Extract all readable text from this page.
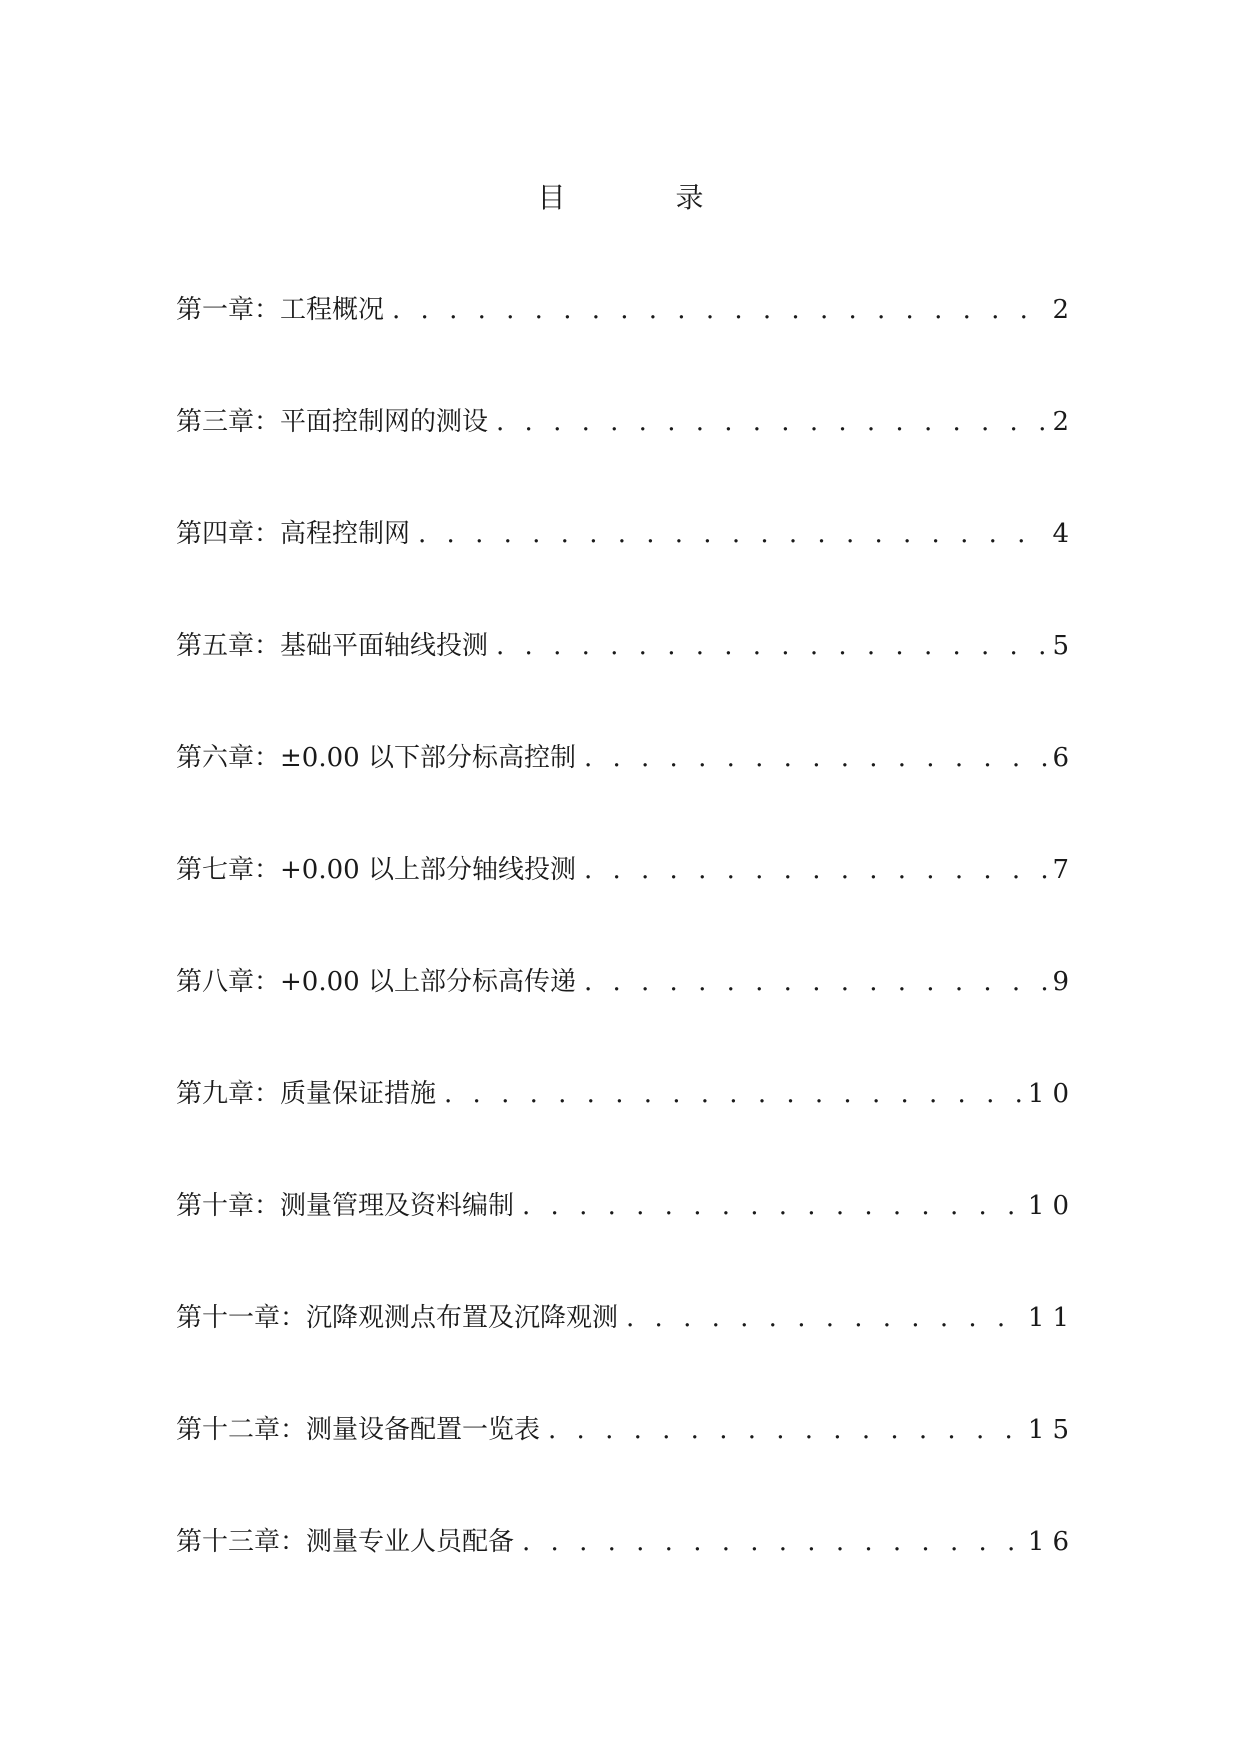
目	录
第一章：工程概况 . . .	2
第三章：平面控制网的测设 . . .	2
第四章：高程控制网 . . .	4
第五章：基础平面轴线投测 . . .	5
第六章：±0.00 以下部分标高控制 . . .	6
第七章：+0.00 以上部分轴线投测 . . .	7
第八章：+0.00 以上部分标高传递 . . .	9
第九章：质量保证措施 . . .	10
第十章：测量管理及资料编制 . . .	10
第十一章：沉降观测点布置及沉降观测 . . .	11
第十二章：测量设备配置一览表 . . .	15
第十三章：测量专业人员配备 . . .	16
